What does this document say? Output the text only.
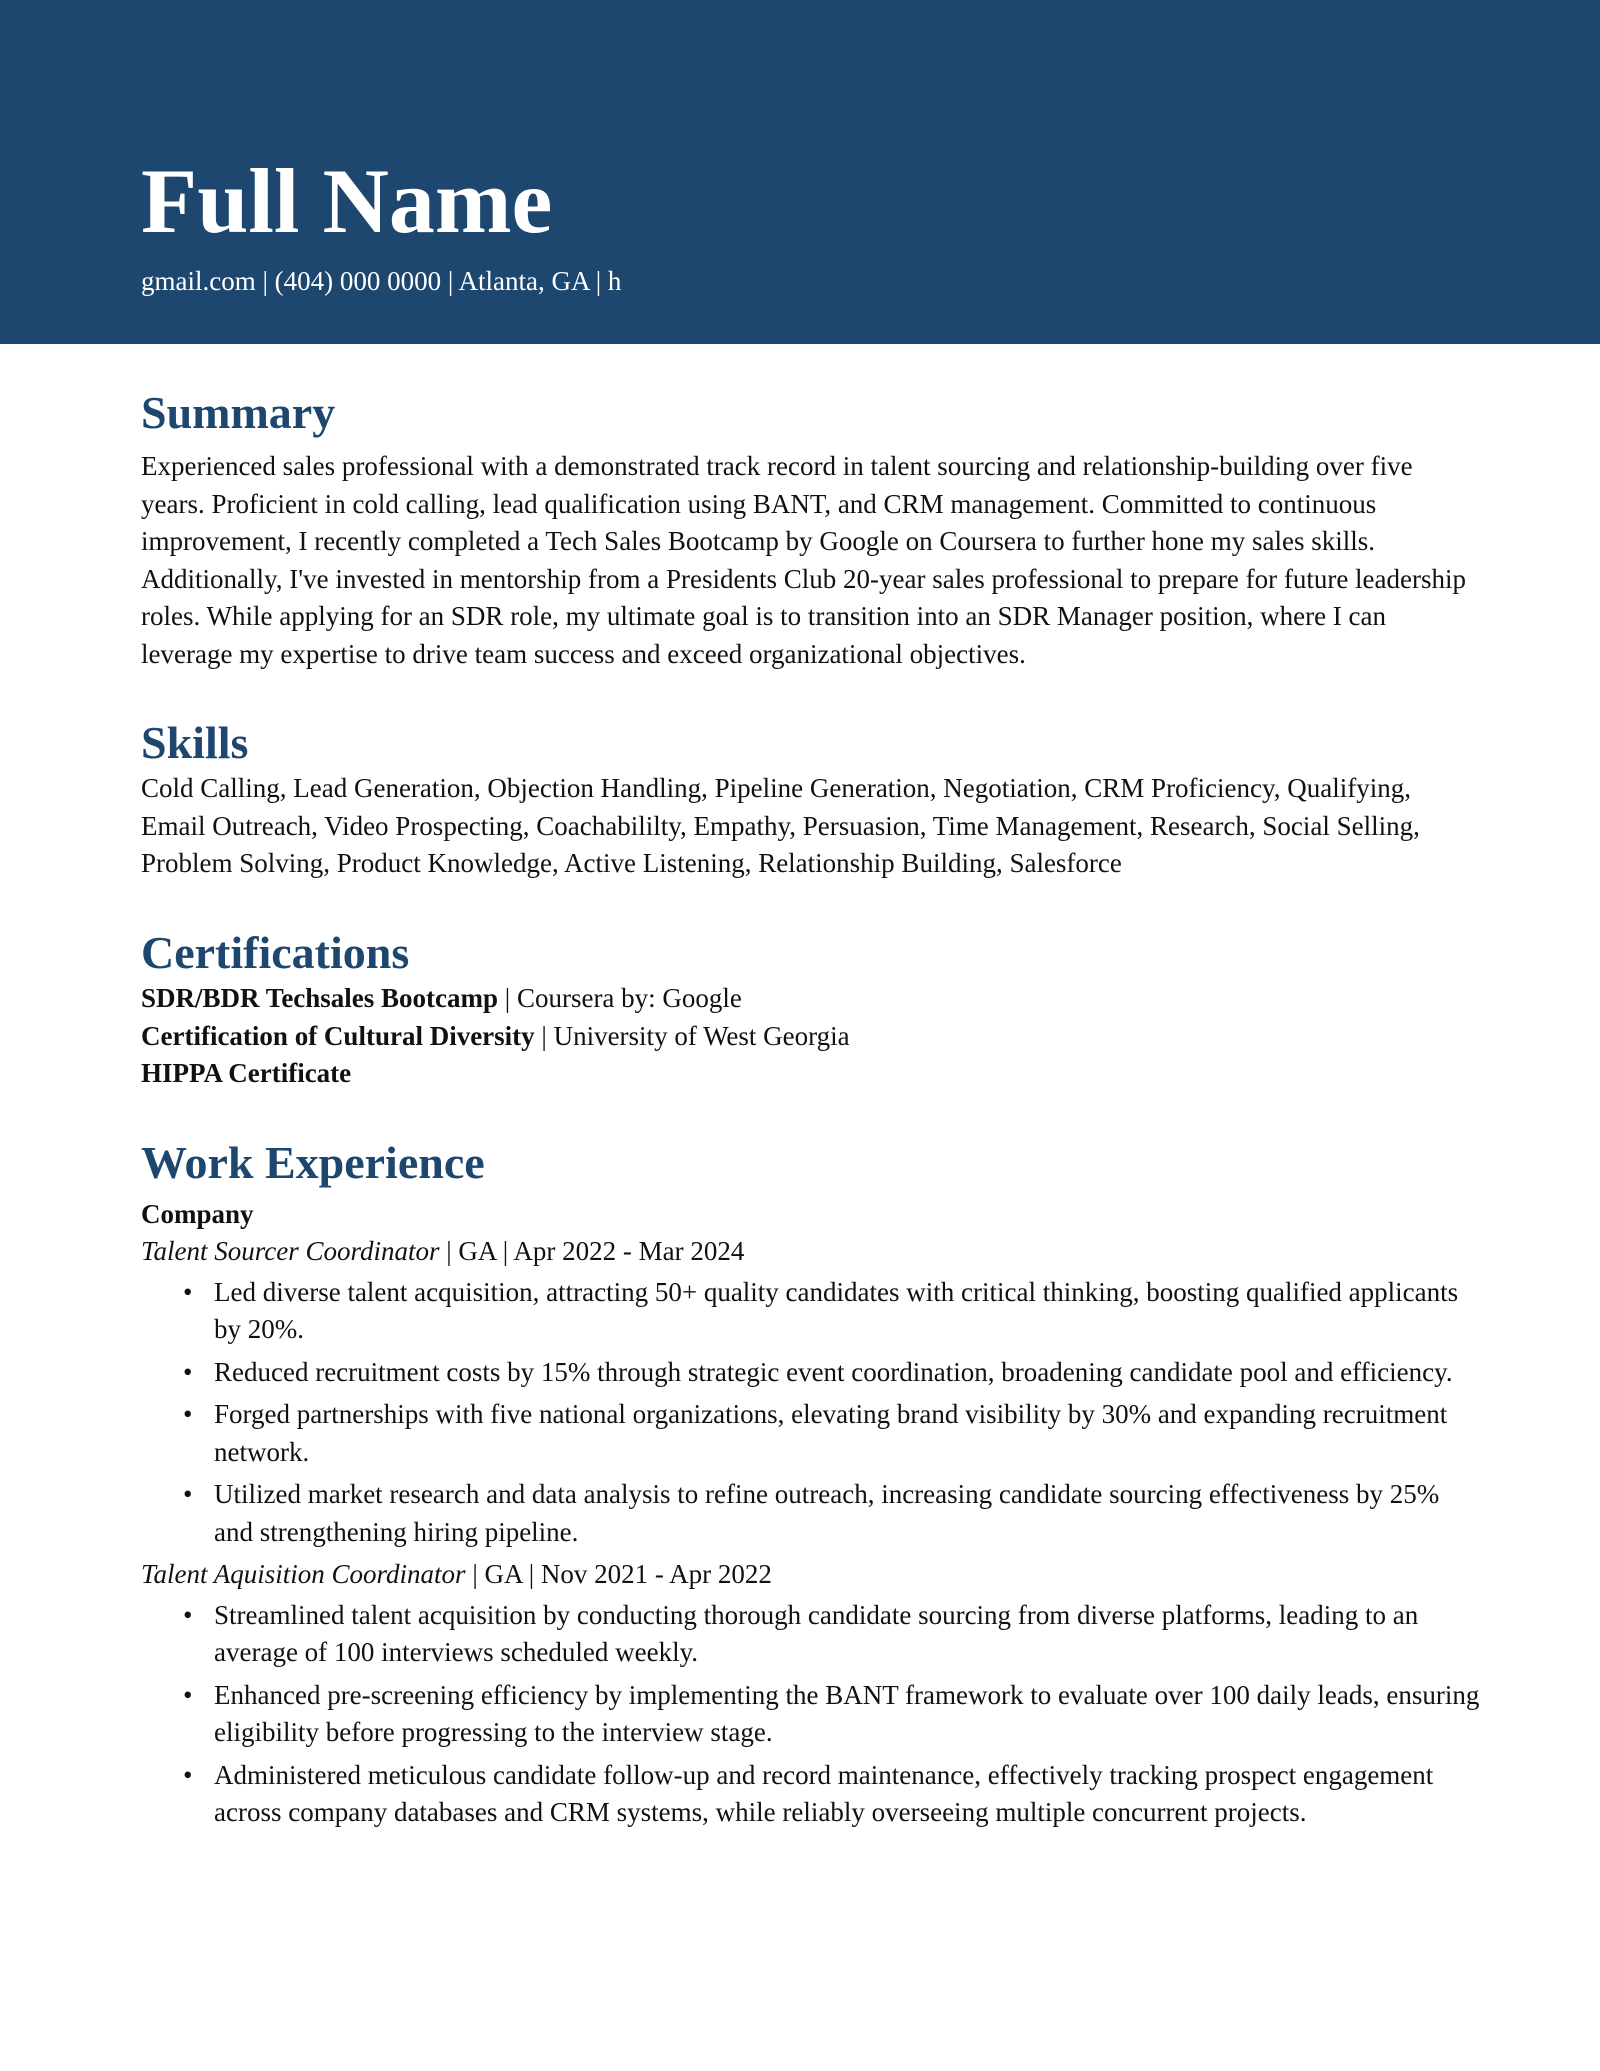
Full Name
gmail.com | (404) 000 0000 | Atlanta, GA | h
Summary

Experienced sales professional with a demonstrated track record in talent sourcing and relationship-building over five years. Proficient in cold calling, lead qualification using BANT, and CRM management. Committed to continuous improvement, I recently completed a Tech Sales Bootcamp by Google on Coursera to further hone my sales skills. Additionally, I've invested in mentorship from a Presidents Club 20-year sales professional to prepare for future leadership roles. While applying for an SDR role, my ultimate goal is to transition into an SDR Manager position, where I can leverage my expertise to drive team success and exceed organizational objectives.

Skills

Cold Calling, Lead Generation, Objection Handling, Pipeline Generation, Negotiation, CRM Proficiency, Qualifying, Email Outreach, Video Prospecting, Coachabililty, Empathy, Persuasion, Time Management, Research, Social Selling, Problem Solving, Product Knowledge, Active Listening, Relationship Building, Salesforce

Certifications
SDR/BDR Techsales Bootcamp | Coursera by: Google
Certification of Cultural Diversity | University of West Georgia
HIPPA Certificate
Work Experience
Company
Talent Sourcer Coordinator | GA | Apr 2022 - Mar 2024
• Led diverse talent acquisition, attracting 50+ quality candidates with critical thinking, boosting qualified applicants by 20%.
• Reduced recruitment costs by 15% through strategic event coordination, broadening candidate pool and efficiency.
• Forged partnerships with five national organizations, elevating brand visibility by 30% and expanding recruitment network.
• Utilized market research and data analysis to refine outreach, increasing candidate sourcing effectiveness by 25% and strengthening hiring pipeline.
Talent Aquisition Coordinator | GA | Nov 2021 - Apr 2022
• Streamlined talent acquisition by conducting thorough candidate sourcing from diverse platforms, leading to an average of 100 interviews scheduled weekly.
• Enhanced pre-screening efficiency by implementing the BANT framework to evaluate over 100 daily leads, ensuring eligibility before progressing to the interview stage.
• Administered meticulous candidate follow-up and record maintenance, effectively tracking prospect engagement across company databases and CRM systems, while reliably overseeing multiple concurrent projects.
